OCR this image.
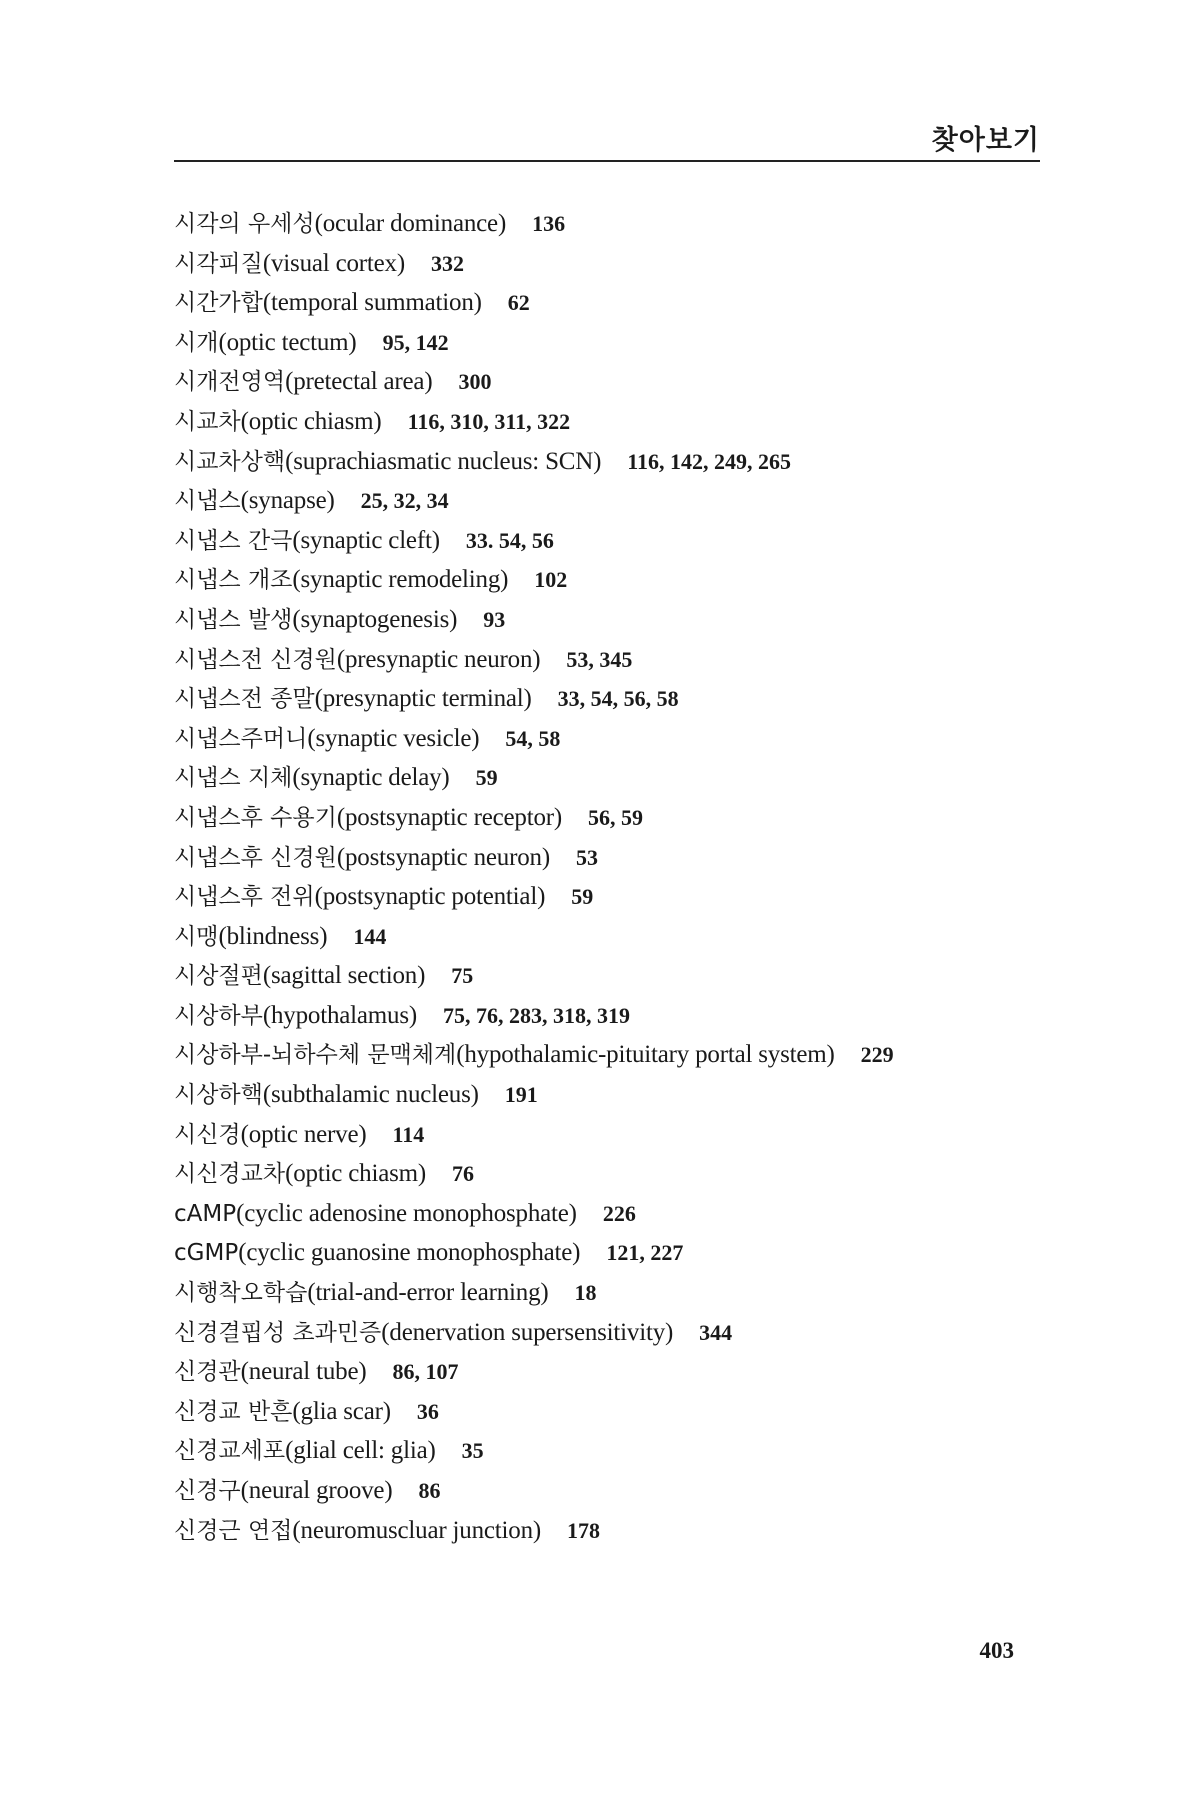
찾아보기
시각의 우세성(ocular dominance) 136
시각피질(visual cortex) 332
시간가합(temporal summation) 62
시개(optic tectum) 95, 142
시개전영역(pretectal area) 300
시교차(optic chiasm) 116, 310, 311, 322
시교차상핵(suprachiasmatic nucleus: SCN) 116, 142, 249, 265
시냅스(synapse) 25, 32, 34
시냅스 간극(synaptic cleft) 33. 54, 56
시냅스 개조(synaptic remodeling) 102
시냅스 발생(synaptogenesis) 93
시냅스전 신경원(presynaptic neuron) 53, 345
시냅스전 종말(presynaptic terminal) 33, 54, 56, 58
시냅스주머니(synaptic vesicle) 54, 58
시냅스 지체(synaptic delay) 59
시냅스후 수용기(postsynaptic receptor) 56, 59
시냅스후 신경원(postsynaptic neuron) 53
시냅스후 전위(postsynaptic potential) 59
시맹(blindness) 144
시상절편(sagittal section) 75
시상하부(hypothalamus) 75, 76, 283, 318, 319
시상하부-뇌하수체 문맥체계(hypothalamic-pituitary portal system) 229
시상하핵(subthalamic nucleus) 191
시신경(optic nerve) 114
시신경교차(optic chiasm) 76
cAMP(cyclic adenosine monophosphate) 226
cGMP(cyclic guanosine monophosphate) 121, 227
시행착오학습(trial-and-error learning) 18
신경결핍성 초과민증(denervation supersensitivity) 344
신경관(neural tube) 86, 107
신경교 반흔(glia scar) 36
신경교세포(glial cell: glia) 35
신경구(neural groove) 86
신경근 연접(neuromuscluar junction) 178
403
